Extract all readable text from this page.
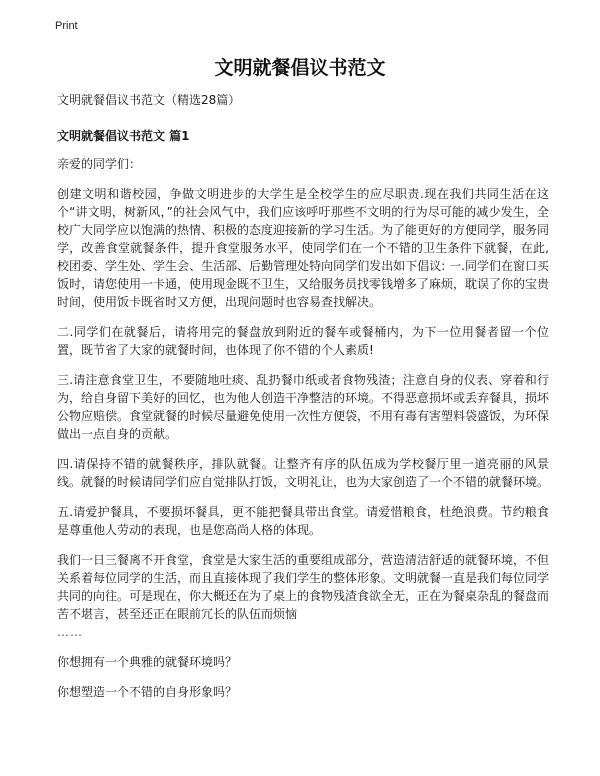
Print
文明就餐倡议书范文

文明就餐倡议书范文（精选28篇）

文明就餐倡议书范文 篇1

亲爱的同学们：

创建文明和谐校园，争做文明进步的大学生是全校学生的应尽职责.现在我们共同生活在这个“讲文明，树新风，”的社会风气中，我们应该呼吁那些不文明的行为尽可能的减少发生，全校广大同学应以饱满的热情、积极的态度迎接新的学习生活。为了能更好的方便同学，服务同学，改善食堂就餐条件，提升食堂服务水平，使同学们在一个不错的卫生条件下就餐，在此,校团委、学生处、学生会、生活部、后勤管理处特向同学们发出如下倡议: 一.同学们在窗口买饭时，请您使用一卡通，使用现金既不卫生，又给服务员找零钱增多了麻烦，耽误了你的宝贵时间，使用饭卡既省时又方便，出现问题时也容易查找解决。

二.同学们在就餐后，请将用完的餐盘放到附近的餐车或餐桶内，为下一位用餐者留一个位置，既节省了大家的就餐时间，也体现了你不错的个人素质!

三.请注意食堂卫生，不要随地吐痰、乱扔餐巾纸或者食物残渣；注意自身的仪表、穿着和行为，给自身留下美好的回忆，也为他人创造干净整洁的环境。不得恶意损坏或丢弃餐具，损坏公物应赔偿。食堂就餐的时候尽量避免使用一次性方便袋，不用有毒有害塑料袋盛饭，为环保做出一点自身的贡献。

四.请保持不错的就餐秩序，排队就餐。让整齐有序的队伍成为学校餐厅里一道亮丽的风景线。就餐的时候请同学们应自觉排队打饭，文明礼让，也为大家创造了一个不错的就餐环境。

五.请爱护餐具，不要损坏餐具，更不能把餐具带出食堂。请爱惜粮食，杜绝浪费。节约粮食是尊重他人劳动的表现，也是您高尚人格的体现。

我们一日三餐离不开食堂，食堂是大家生活的重要组成部分，营造清洁舒适的就餐环境，不但关系着每位同学的生活，而且直接体现了我们学生的整体形象。文明就餐一直是我们每位同学共同的向往。可是现在，你大概还在为了桌上的食物残渣食欲全无，正在为餐桌杂乱的餐盘而苦不堪言，甚至还正在眼前冗长的队伍而烦恼

……

你想拥有一个典雅的就餐环境吗？

你想塑造一个不错的自身形象吗？
